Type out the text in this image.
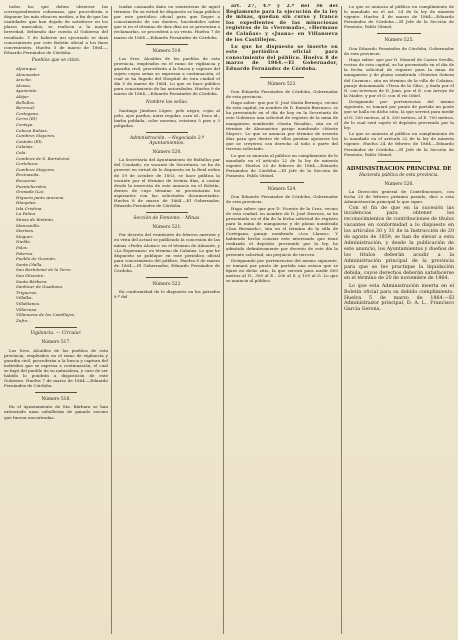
todos los que deben observar las correspondientes cobranzas, que procederán a disponer los más eficaces medios, a fin de que las cantidades que han dejado de satisfacer en los plazos marcados, se realicen a la mayor brevedad, debiendo dar cuenta al Gobierno del resultado. Y de haberse así ejecutado se dará conocimiento por este Boletín oficial a los fines convenientes. Huelva 5 de marzo de 1864.—Eduardo Fernández de Córdoba.

Pueblos que se citan.
Aljaraque.
Almonaster.
Aroche.
Alosno.
Ayamonte.
Alájar.
Bollullos.
Berrocal.
Cortegana.
Cerro (El)
Cartaya.
Cabeza Rubias.
Cumbres Mayores.
Castaño (El).
Calañas.
Cala.
Cumbres de S. Bartolomé.
Cortelazor.
Cumbres Mayores.
Encinasola.
Escacena.
Fuenteheridos.
Granada (La).
Higuera junto Aracena.
Hinojales.
Isla Cristina.
La Palma.
Minas de Riotinto.
Manzanilla.
Marines.
Moguer.
Niebla.
Palos.
Paterna.
Puebla de Guzmán.
Santa Olalla.
San Bartolomé de la Torre.
San Silvestre.
Santa Bárbara.
Sanlúcar de Guadiana.
Trigueros.
Villalba.
Villablanca.
Villarrasa.
Villanueva de los Castillejos.
Zufre.
Vigilancia. — Circular.
Número 517.

Los Sres. Alcaldes de los pueblos de esta provincia, empleados en el ramo de vigilancia y guardia civil, procederán a la busca y captura del individuo que se expresa a continuación, el cual se fugó del pueblo de su naturaleza, y caso de ser habido lo pondrán a disposición de este Gobierno. Huelva 7 de marzo de 1864.—Eduardo Fernández de Córdoba.

Número 518.

En el Ayuntamiento de Sta. Bárbara se han extraviado unas caballerías de ganado vacuno que fueron encontradas.

tradas causando daño en sementeras de aquel término. En su virtud he dispuesto se haga público por este periódico oficial para que llegue a conocimiento de sus dueños, haciéndoles saber que si en el término de diez días no se presentan a reclamarlas, se procederá a su venta. Huelva 7 de marzo de 1864.—Eduardo Fernández de Córdoba.

Número 519.

Los Sres. Alcaldes de los pueblos de esta provincia, empleados en el ramo de vigilancia y guardia civil, procederán a la busca y captura del sujeto cuyas señas se expresan a continuación, el cual se ha fugado del Hospital de esta ciudad el día 5 de marzo de 1864. Lo que se hace público para conocimiento de las autoridades. Huelva 9 de marzo de 1864.—Eduardo Fernández de Córdoba.

Nombre las señas.

Santiago Jiménez López, pelo negro, cejas al pelo, ojos pardos, nariz regular, cara id., boca id., barba poblada, color moreno, estatura 5 pies y 3 pulgadas.

Administración. —Negociado 2.º Ayuntamientos.
Número 520.

La Secretaría del Ayuntamiento de Bollullos par del Condado, en vacante de Secretario, se ha de proveer en virtud de lo dispuesto en la Real orden de 19 de octubre de 1853, se hace pública la vacante por el término de treinta días, a contar desde la inserción de este anuncio en el Boletín, dentro de cuyo término se presentarán los aspirantes con las solicitudes documentadas. Huelva 8 de marzo de 1864.—El Gobernador, Eduardo Fernández de Córdoba.

Sección de Fomento. - Minas.
Número 521.

Por decreto del veintisiete de febrero anterior y en vista del actual se publicado la concesión de las minas «Pedro Alonso» en el término de Almonte, y «La Esperanza» en término de Calañas. Lo que he dispuesto se publique en este periódico oficial para conocimiento del público. Huelva 8 de marzo de 1864.—El Gobernador, Eduardo Fernández de Córdoba.

Número 522.

En conformidad de lo dispuesto en los párrafos 8.º del

art. 27, 4.º y 2.º del 36 del Reglamento para la ejecución de la ley de minas, quedan sin curso y franco los expedientes de las minuciosas registros de la «Veremada», «Hermano de Calañas» y «Juana» en Villanueva de los Castillejos.

Lo que he dispuesto se inserte en este periódico oficial para conocimiento del público. Huelva 8 de marzo de 1864.—El Gobernador, Eduardo Fernández de Córdoba.

Número 523.

Don Eduardo Fernández de Córdoba, Gobernador de esta provincia.

Hago saber: que por D. José María Bermejo, vecino de esta capital, en nombre de D. Ramón Barranco, se ha presentado en el día de hoy en la Secretaría de este Gobierno una solicitud de registro de la mina de manganeso nombrada «Santa Rosalía», sita en el término de Almonaster, paraje nombrado «Monte Mayor». Lo que se anuncia por término de sesenta días para que dentro de ellos puedan oponerse los que se creyeren con derecho al todo o parte del terreno solicitado.

Lo que se anuncia al público en cumplimiento de lo mandado en el artículo 22 de la ley de minería vigente. Huelva 25 de febrero de 1864.—Eduardo Fernández de Córdoba.—El Jefe de la Sección de Fomento, Pablo Otónel.

Número 524.

Don Eduardo Fernández de Córdoba, Gobernador de esta provincia.

Hago saber: que por D. Vicente de la Cruz, vecino de esta ciudad, en nombre de D. José Herrera, se ha presentado en el día de la fecha solicitud de registro para la mina de manganeso y de plomo nombrada «San Bernardo», sita en el término de la villa de Cortegana, paraje nombrado «Los Llanos». Y habiendo hecho constar este interesado que tiene realizado el depósito prevenido por la ley, he admitido definitivamente por decreto de este día la presente solicitud, sin perjuicio de tercero.

Designando por pertenencias del mismo siguiente, se tomará por punto de partida una estaca que se fijará en dicho sitio, la que servirá para medir 600 metros al N., 300 al E., 200 al S. y 100 al O. Lo que se anuncia al público.

Lo que se anuncia al público en cumplimiento de lo mandado en el art. 24 de la ley de minería vigente. Huelva 4 de marzo de 1864.—Eduardo Fernández de Córdoba.—El Jefe de la Sección de Fomento, Pablo Otónel.

Número 525.

Don Eduardo Fernández de Córdoba, Gobernador de esta provincia.

Hago saber: que por D. Manuel de Castro Sevilla, vecino de esta capital, se ha presentado en el día de la fecha solicitud de registro para la mina de manganeso y de plomo nombrada «Nuestra Señora del Carmen», sita en término de la villa de Calañas, paraje denominado «Tiesa de la Gila», y linda por el N. con terrenos de D. Juan, por el E. con Arroyo de la Madre, y por el O. con el río Odiel.

Designando por pertenencias del mismo siguiente, se tomará por punto de partida un poste que se halla en dicho sitio, la que servirá para medir al N. 200 metros, al S. 300 metros, al E. 700 metros, de lo cual será sujeto el depósito prevenido por la ley.

Lo que se anuncia al público en cumplimiento de lo mandado en el artículo 22 de la ley de minería vigente. Huelva 24 de febrero de 1864.—Eduardo Fernández de Córdoba.—El Jefe de la Sección de Fomento, Pablo Otónel.

ADMINISTRACION PRINCIPAL DE
Hacienda pública de esta provincia.
Número 526.

La Dirección general de Contribuciones, con fecha 25 de febrero próximo pasado, dice a esta Administración principal lo que sigue:

Con el fin de que en la sucesión las incidencias para obtener los reconocimientos de contribuciones de títulos vacantes en conformidad a lo dispuesto en los artículos 30 y 31 de la Instrucción de 20 de agosto de 1859, se han de elevar a esta Administración, y desde la publicación de este anuncio, los Ayuntamientos y dueños de los títulos deberán acudir a la Administración principal de la provincia para que se les practique la liquidación debida, cuyos derechos deberán satisfacerse en el término de 20 de noviembre de 1864.

Lo que esta Administración inserta en el Boletín oficial para su debido cumplimiento. Huelva 5 de marzo de 1864.—El Administrador principal, D. A. L., Francisco García Gerona.
